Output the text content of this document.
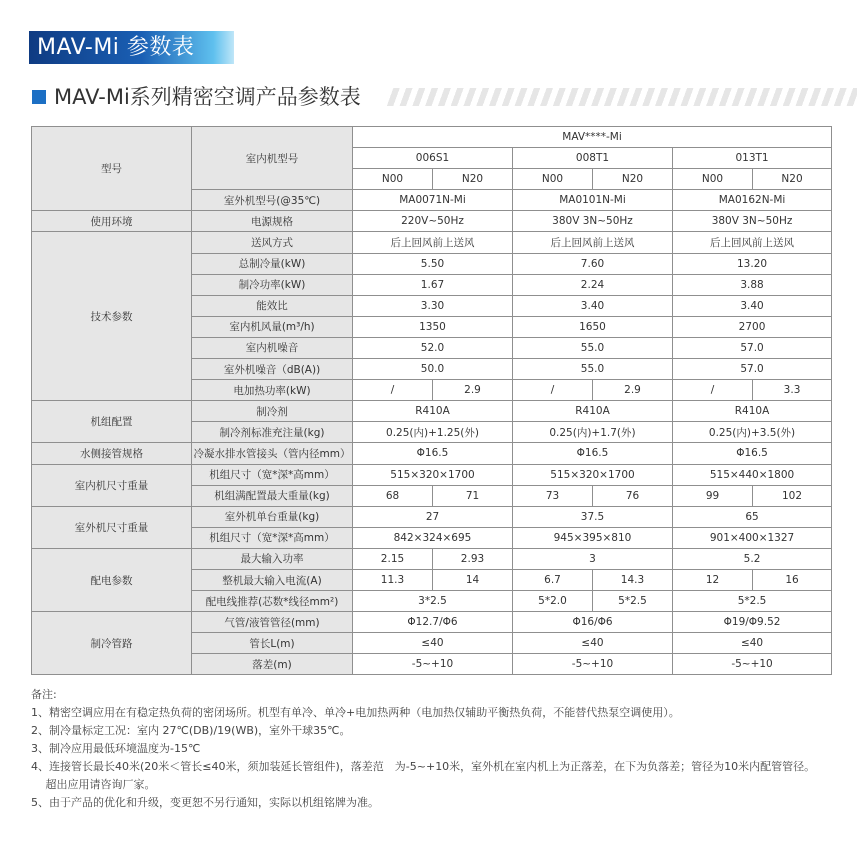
MAV-Mi 参数表
MAV-Mi系列精密空调产品参数表
型号	室内机型号	MAV****-Mi					
		006S1		008T1		013T1	
		N00	N20	N00	N20	N00	N20
	室外机型号(@35℃)	MA0071N-Mi		MA0101N-Mi		MA0162N-Mi	
使用环境	电源规格	220V~50Hz		380V 3N~50Hz		380V 3N~50Hz	
技术参数	送风方式	后上回风前上送风		后上回风前上送风		后上回风前上送风	
	总制冷量(kW)	5.50		7.60		13.20	
	制冷功率(kW)	1.67		2.24		3.88	
	能效比	3.30		3.40		3.40	
	室内机风量(m³/h)	1350		1650		2700	
	室内机噪音	52.0		55.0		57.0	
	室外机噪音（dB(A))	50.0		55.0		57.0	
	电加热功率(kW)	/	2.9	/	2.9	/	3.3
机组配置	制冷剂	R410A		R410A		R410A	
	制冷剂标准充注量(kg)	0.25(内)+1.25(外)		0.25(内)+1.7(外)		0.25(内)+3.5(外)	
水侧接管规格	冷凝水排水管接头（管内径mm）	Φ16.5		Φ16.5		Φ16.5	
室内机尺寸重量	机组尺寸（宽*深*高mm）	515×320×1700		515×320×1700		515×440×1800	
	机组满配置最大重量(kg)	68	71	73	76	99	102
室外机尺寸重量	室外机单台重量(kg)	27		37.5		65	
	机组尺寸（宽*深*高mm）	842×324×695		945×395×810		901×400×1327	
配电参数	最大输入功率	2.15	2.93	3		5.2	
	整机最大输入电流(A)	11.3	14	6.7	14.3	12	16
	配电线推荐(芯数*线径mm²)	3*2.5		5*2.0	5*2.5	5*2.5	
制冷管路	气管/液管管径(mm)	Φ12.7/Φ6		Φ16/Φ6		Φ19/Φ9.52	
	管长L(m)	≤40		≤40		≤40	
	落差(m)	-5~+10		-5~+10		-5~+10	
备注:
1、精密空调应用在有稳定热负荷的密闭场所。机型有单冷、单冷+电加热两种（电加热仅辅助平衡热负荷，不能替代热泵空调使用）。
2、制冷量标定工况：室内 27℃(DB)/19(WB)，室外干球35℃。
3、制冷应用最低环境温度为-15℃
4、连接管长最长40米(20米＜管长≤40米，须加装延长管组件)，落差范　为-5~+10米，室外机在室内机上为正落差，在下为负落差；管径为10米内配管管径。
　 超出应用请咨询厂家。
5、由于产品的优化和升级，变更恕不另行通知，实际以机组铭牌为准。
